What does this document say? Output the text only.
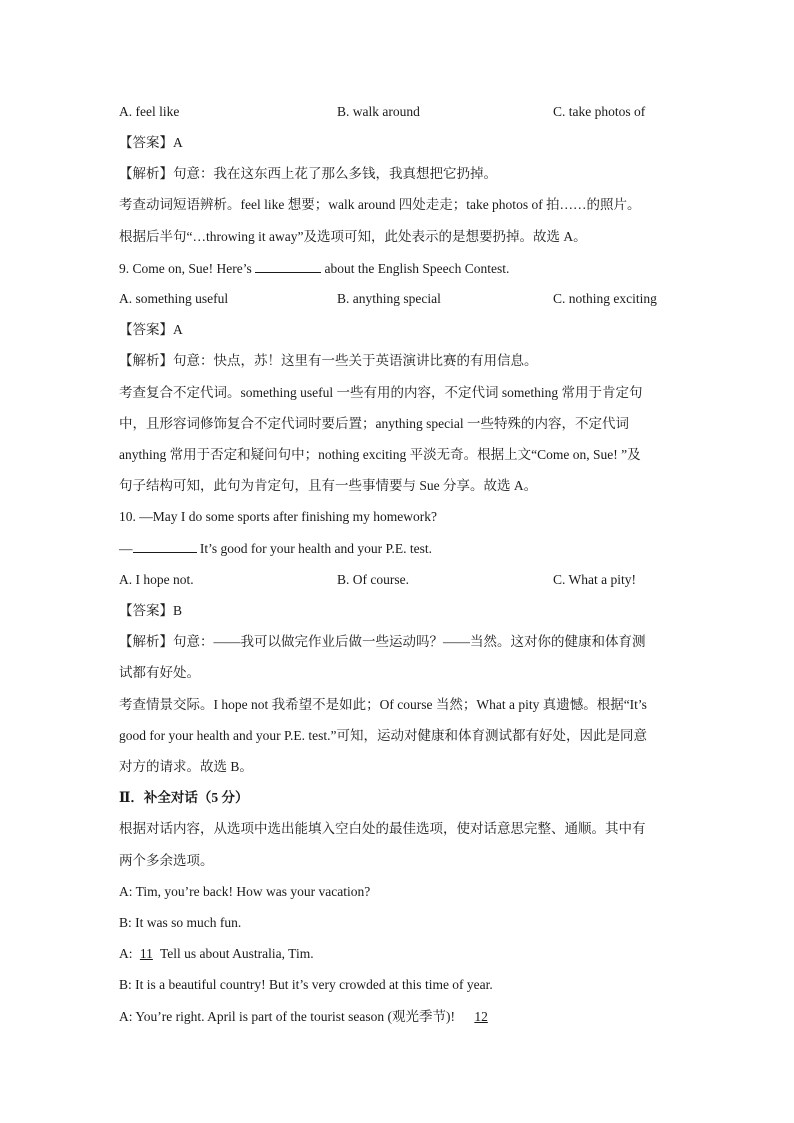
A. feel like	B. walk around	C. take photos of
【答案】A
【解析】句意：我在这东西上花了那么多钱，我真想把它扔掉。
考查动词短语辨析。feel like 想要；walk around 四处走走；take photos of 拍……的照片。
根据后半句“…throwing it away”及选项可知，此处表示的是想要扔掉。故选 A。
9. Come on, Sue! Here’s	about the English Speech Contest.
A. something useful	B. anything special	C. nothing exciting
【答案】A
【解析】句意：快点，苏！这里有一些关于英语演讲比赛的有用信息。
考查复合不定代词。something useful 一些有用的内容，不定代词 something 常用于肯定句
中，且形容词修饰复合不定代词时要后置；anything special 一些特殊的内容，不定代词
anything 常用于否定和疑问句中；nothing exciting 平淡无奇。根据上文“Come on, Sue! ”及
句子结构可知，此句为肯定句，且有一些事情要与 Sue 分享。故选 A。
10. —May I do some sports after finishing my homework?
—	It’s good for your health and your P.E. test.
A. I hope not.	B. Of course.	C. What a pity!
【答案】B
【解析】句意：——我可以做完作业后做一些运动吗？——当然。这对你的健康和体育测
试都有好处。
考查情景交际。I hope not 我希望不是如此；Of course 当然；What a pity 真遗憾。根据“It’s
good for your health and your P.E. test.”可知，运动对健康和体育测试都有好处，因此是同意
对方的请求。故选 B。
Ⅱ．补全对话（5 分）
根据对话内容，从选项中选出能填入空白处的最佳选项，使对话意思完整、通顺。其中有
两个多余选项。
A: Tim, you’re back! How was your vacation?
B: It was so much fun.
A: 11 Tell us about Australia, Tim.
B: It is a beautiful country! But it’s very crowded at this time of year.
A: You’re right. April is part of the tourist season (观光季节)! 12
